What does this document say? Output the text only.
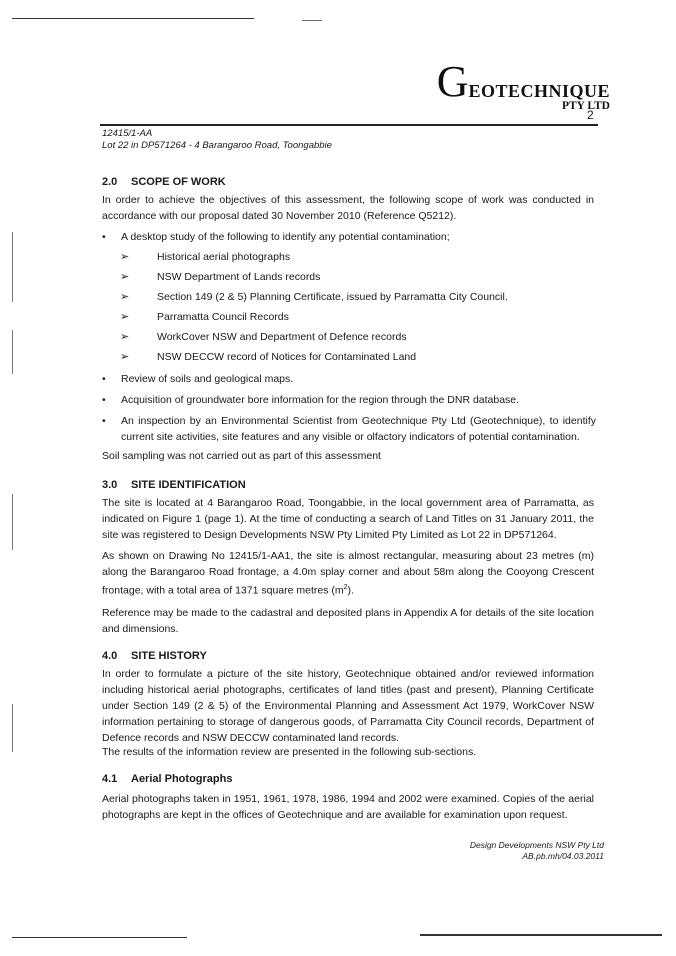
GEOTECHNIQUE
PTY LTD
2
12415/1-AA
Lot 22 in DP571264 - 4 Barangaroo Road, Toongabbie
2.0 SCOPE OF WORK
In order to achieve the objectives of this assessment, the following scope of work was conducted in accordance with our proposal dated 30 November 2010 (Reference Q5212).
• A desktop study of the following to identify any potential contamination;
➢	Historical aerial photographs
➢	NSW Department of Lands records
➢	Section 149 (2 & 5) Planning Certificate, issued by Parramatta City Council.
➢	Parramatta Council Records
➢	WorkCover NSW and Department of Defence records
➢	NSW DECCW record of Notices for Contaminated Land
• Review of soils and geological maps.
• Acquisition of groundwater bore information for the region through the DNR database.
• An inspection by an Environmental Scientist from Geotechnique Pty Ltd (Geotechnique), to identify current site activities, site features and any visible or olfactory indicators of potential contamination.
Soil sampling was not carried out as part of this assessment
3.0 SITE IDENTIFICATION
The site is located at 4 Barangaroo Road, Toongabbie, in the local government area of Parramatta, as indicated on Figure 1 (page 1). At the time of conducting a search of Land Titles on 31 January 2011, the site was registered to Design Developments NSW Pty Limited Pty Limited as Lot 22 in DP571264.
As shown on Drawing No 12415/1-AA1, the site is almost rectangular, measuring about 23 metres (m) along the Barangaroo Road frontage, a 4.0m splay corner and about 58m along the Cooyong Crescent frontage, with a total area of 1371 square metres $(m^2)$.
Reference may be made to the cadastral and deposited plans in Appendix A for details of the site location and dimensions.
4.0 SITE HISTORY
In order to formulate a picture of the site history, Geotechnique obtained and/or reviewed information including historical aerial photographs, certificates of land titles (past and present), Planning Certificate under Section 149 (2 & 5) of the Environmental Planning and Assessment Act 1979, WorkCover NSW information pertaining to storage of dangerous goods, of Parramatta City Council records, Department of Defence records and NSW DECCW contaminated land records.
The results of the information review are presented in the following sub-sections.
4.1 Aerial Photographs
Aerial photographs taken in 1951, 1961, 1978, 1986, 1994 and 2002 were examined. Copies of the aerial photographs are kept in the offices of Geotechnique and are available for examination upon request.
Design Developments NSW Pty Ltd
AB.pb.mh/04.03.2011
